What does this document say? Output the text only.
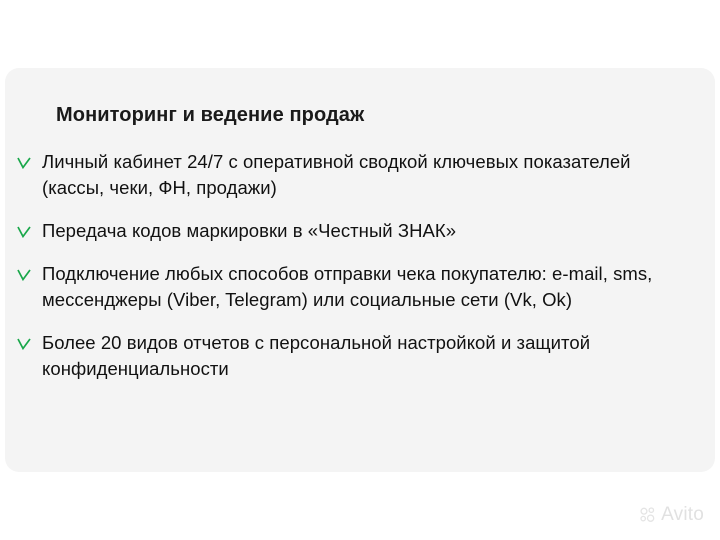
Мониторинг и ведение продаж
Личный кабинет 24/7 с оперативной сводкой ключевых показателей (кассы, чеки, ФН, продажи)
Передача кодов маркировки в «Честный ЗНАК»
Подключение любых способов отправки чека покупателю: e-mail, sms, мессенджеры (Viber, Telegram) или социальные сети (Vk, Ok)
Более 20 видов отчетов с персональной настройкой и защитой конфиденциальности
Avito
